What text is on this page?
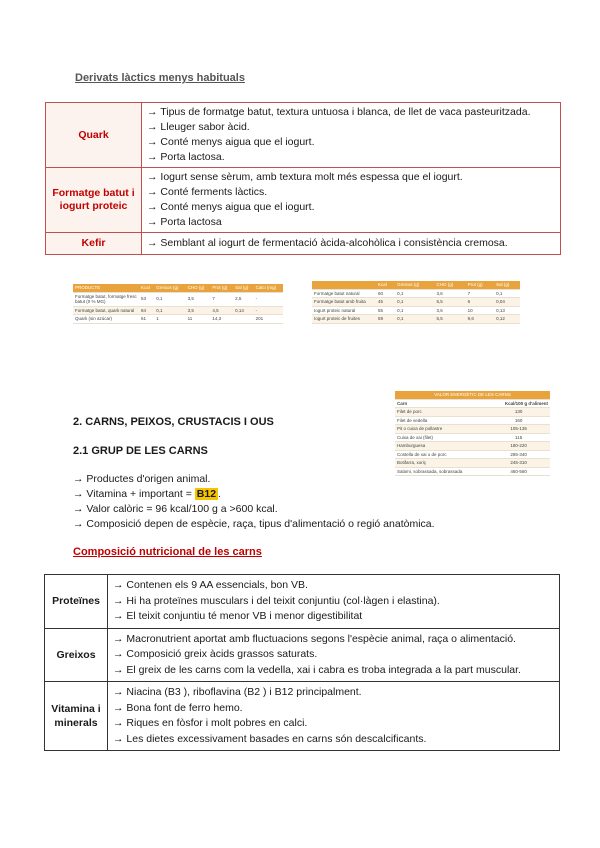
Derivats làctics menys habituals
Quark	→ Tipus de formatge batut, textura untuosa i blanca, de llet de vaca pasteuritzada.
→ Lleuger sabor àcid.
→ Conté menys aigua que el iogurt.
→ Porta lactosa.

Formatge batut i iogurt proteic	→ Iogurt sense sèrum, amb textura molt més espessa que el iogurt.
→ Conté ferments làctics.
→ Conté menys aigua que el iogurt.
→ Porta lactosa

Kefir	→ Semblant al iogurt de fermentació àcida-alcohòlica i consistència cremosa.
PRODUCTE	Kcal	Greixos (g)	CHO (g)	Prot (g)	Sal (g)	Calci (mg)
Formatge batut, formatge fresc batut (0 % MG)	53	0,1	3,5	7	2,5	-
Formatge batut, quark natural	84	0,1	3,5	4,5	0,14	-
Quark (sin azúcar)	61	1	11	14,3		201
	Kcal	Greixos (g)	CHO (g)	Prot (g)	Sal (g)
Formatge batut natural	60	0,1	3,6	7	0,1
Formatge batut amb fruita	45	0,1	5,5	6	0,04
Iogurt proteic natural	55	0,1	3,6	10	0,13
Iogurt proteic de fruites	59	0,1	5,5	9,6	0,12
VALOR ENERGÈTIC DE LES CARNS	
Carn	Kcal/100 g d'aliment
Filet de porc	130
Filet de vedella	160
Pit o cuixa de pollastre	105-135
Cuixa de xai (filet)	115
Hamburguesa	180-220
Costella de xai o de porc	285-340
Botifarra, xoriç	245-310
Salami, sobrassada, sobrassada	460-560
2. CARNS, PEIXOS, CRUSTACIS I OUS
2.1 GRUP DE LES CARNS
→ Productes d'origen animal.
→ Vitamina + important = B12 .
→ Valor calòric = 96 kcal/100 g a >600 kcal.
→ Composició depen de espècie, raça, tipus d'alimentació o regió anatòmica.
Composició nutricional de les carns
Proteïnes	→ Contenen els 9 AA essencials, bon VB.
→ Hi ha proteïnes musculars i del teixit conjuntiu (col·làgen i elastina).
→ El teixit conjuntiu té menor VB i menor digestibilitat

Greixos	→ Macronutrient aportat amb fluctuacions segons l'espècie animal, raça o alimentació.
→ Composició greix àcids grassos saturats.
→ El greix de les carns com la vedella, xai i cabra es troba integrada a la part muscular.

Vitamina i minerals	→ Niacina (B3 ), riboflavina (B2 ) i B12 principalment.
→ Bona font de ferro hemo.
→ Riques en fòsfor i molt pobres en calci.
→ Les dietes excessivament basades en carns són descalcificants.
